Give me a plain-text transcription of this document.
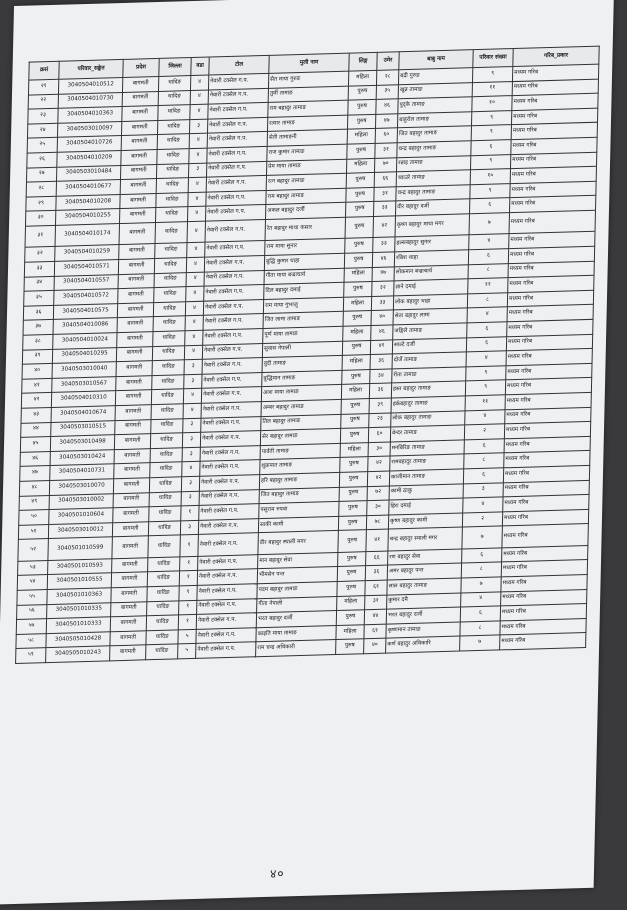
क्रसं	परिवार_सङ्केत	प्रदेश	जिल्ला	वडा	टोल	मुली नाम	लिङ्ग	उमेर	बाबु नाम	परिवार संख्या	गरिब_प्रकार
२१	3040504010512	बागमती	धादिङ	४	नेवारी टक्सेल ग.प.	सैत माया गुरुङ	महिला	२८	बद्री गुरुङ	९	मध्यम गरिब
२२	3040504010730	बागमती	धादिङ	४	नेवारी टक्सेल ग.प.	तुर्मी तामाङ	पुरुष	३५	खुन्न तामाङ	११	मध्यम गरिब
२३	3040504010363	बागमती	धादिङ	४	नेवारी टक्सेल ग.प.	राम बहादुर तामाङ	पुरुष	४६	पुद्के तामाङ	१०	मध्यम गरिब
२४	3040503010097	बागमती	धादिङ	३	नेवारी टक्सेल ग.प.	रत्मार तामाङ	पुरुष	४७	बाहुरोल तामाङ	९	मध्यम गरिब
२५	3040504010726	बागमती	धादिङ	४	नेवारी टक्सेल ग.प.	सेती तामाङनी	महिला	६०	जित बहादुर तामाङ	९	मध्यम गरिब
२६	3040504010209	बागमती	धादिङ	४	नेवारी टक्सेल ग.प.	राज कुमार तामाङ	पुरुष	३१	चन्द्र बहादुर तामाङ	६	मध्यम गरिब
२७	3040503010484	बागमती	धादिङ	३	नेवारी टक्सेल ग.प.	प्रेम माया तामाङ	महिला	७०	रन्नाइ तामाङ	९	मध्यम गरिब
२८	3040504010677	बागमती	धादिङ	४	नेवारी टक्सेल ग.प.	रत्न बहादुर तामाङ	पुरुष	६६	च्याउरे तामाङ	१०	मध्यम गरिब
२९	3040504010208	बागमती	धादिङ	४	नेवारी टक्सेल ग.प.	राम बहादुर तामाङ	पुरुष	३१	चन्द्र बहादुर तामाङ	९	मध्यम गरिब
३०	3040504010255	बागमती	धादिङ	४	नेवारी टक्सेल ग.प.	अकल बहादुर दर्जी	पुरुष	३३	वीर बहादुर दर्जी	६	मध्यम गरिब
३१	3040504010174	बागमती	धादिङ	४	नेवारी टक्सेल ग.प.	रेत बहादुर माथा कसार	पुरुष	४२	कृष्ण बहादुर माथा मगर	७	मध्यम गरिब
३२	3040504010259	बागमती	धादिङ	४	नेवारी टक्सेल ग.प.	राम माया सुनार	पुरुष	३३	हल्सबहादुर सुनार	४	मध्यम गरिब
३३	3040504010571	बागमती	धादिङ	४	नेवारी टक्सेल ग.प.	बुद्धि कुमार थाहा	पुरुष	४६	रबिश थाहा	६	मध्यम गरिब
३४	3040504010557	बागमती	धादिङ	४	नेवारी टक्सेल ग.प.	गीता माया बज्राचार्य	महिला	४७	लोकमान बज्राचार्य	८	मध्यम गरिब
३५	3040504010572	बागमती	धादिङ	४	नेवारी टक्सेल ग.प.	दिल बहादुर दमाई	पुरुष	३२	ज्ञाने दमाई	११	मध्यम गरिब
३६	3040504010575	बागमती	धादिङ	४	नेवारी टक्सेल ग.प.	राम माया गुभाजु	महिला	३३	लोक बहादुर थाहा	८	मध्यम गरिब
३७	3040504010086	बागमती	धादिङ	४	नेवारी टक्सेल ग.प.	जित लामा तामाङ	पुरुष	४०	सेता बहादुर लामा	४	मध्यम गरिब
३८	3040504010024	बागमती	धादिङ	४	नेवारी टक्सेल ग.प.	पूर्ण माया तामाङ	महिला	४६	जङ्गिले तामाङ	६	मध्यम गरिब
३९	3040504010295	बागमती	धादिङ	४	नेवारी टक्सेल ग.प.	सुवास नेपाली	पुरुष	४१	साल्टे दर्जी	६	मध्यम गरिब
४०	3040503010040	बागमती	धादिङ	३	नेवारी टक्सेल ग.प.	वुदी तामाङ	महिला	३६	दोर्जे तामाङ	४	मध्यम गरिब
४१	3040503010567	बागमती	धादिङ	३	नेवारी टक्सेल ग.प.	बुद्धिमान तामाङ	पुरुष	३४	रीता तामाङ	९	मध्यम गरिब
४२	3040504010310	बागमती	धादिङ	४	नेवारी टक्सेल ग.प.	आश माया तामाङ	महिला	३६	हस्त बहादुर तामाङ	९	मध्यम गरिब
४३	3040504010674	बागमती	धादिङ	४	नेवारी टक्सेल ग.प.	अम्बर बहादुर तामाङ	पुरुष	३९	हर्कबहादुर तामाङ	११	मध्यम गरिब
४४	3040503010515	बागमती	धादिङ	३	नेवारी टक्सेल ग.प.	तिल बहादुर तामाङ	पुरुष	२३	लोक बहादुर तामाङ	४	मध्यम गरिब
४५	3040503010498	बागमती	धादिङ	३	नेवारी टक्सेल ग.प.	सेर बहादुर तामाङ	पुरुष	६०	वेन्दर तामाङ	२	मध्यम गरिब
४६	3040503010424	बागमती	धादिङ	३	नेवारी टक्सेल ग.प.	पार्वती तामाङ	महिला	३०	मनबिरिङ तामाङ	६	मध्यम गरिब
४७	3040504010731	बागमती	धादिङ	४	नेवारी टक्सेल ग.प.	शुक्रपात तामाङ	पुरुष	४२	रामबहादुर तामाङ	८	मध्यम गरिब
४८	3040503010070	बागमती	धादिङ	३	नेवारी टक्सेल ग.प.	हरि बहादुर तामाङ	पुरुष	४२	काजीमान तामाङ	६	मध्यम गरिब
४९	3040503010002	बागमती	धादिङ	३	नेवारी टक्सेल ग.प.	जित बहादुर तामाङ	पुरुष	७२	कामी ठाकु	३	मध्यम गरिब
५०	3040501010604	बागमती	धादिङ	१	नेवारी टक्सेल ग.प.	पसुराम रुपवा	पुरुष	३०	हिरा दमाई	४	मध्यम गरिब
५१	3040503010012	बागमती	धादिङ	३	नेवारी टक्सेल ग.प.	साकी कामी	पुरुष	७८	कृष्ण बहादुर कामी	२	मध्यम गरिब
५२	3040501010599	बागमती	धादिङ	१	नेवारी टक्सेल ग.प.	वीर बहादुर स्थाली मगर	पुरुष	४१	चन्द्र बहादुर स्थाली मगर	७	मध्यम गरिब
५३	3040501010593	बागमती	धादिङ	१	नेवारी टक्सेल ग.प.	मान बहादुर सेवा	पुरुष	६६	रण बहादुर सेवा	६	मध्यम गरिब
५४	3040501010555	बागमती	धादिङ	१	नेवारी टक्सेल ग.प.	भीमसेन पन्त	पुरुष	३६	अमर बहादुर पन्त	८	मध्यम गरिब
५५	3040501010363	बागमती	धादिङ	१	नेवारी टक्सेल ग.प.	पदम बहादुर तामाङ	पुरुष	६१	लाल बहादुर तामाङ	७	मध्यम गरिब
५६	3040501010335	बागमती	धादिङ	१	नेवारी टक्सेल ग.प.	गीता नेपाली	महिला	३१	कुमार दमै	४	मध्यम गरिब
५७	3040501010333	बागमती	धादिङ	१	नेवारी टक्सेल ग.प.	भरत बहादुर दर्जी	पुरुष	४४	भरत बहादुर दर्जी	६	मध्यम गरिब
५८	3040505010428	बागमती	धादिङ	५	नेवारी टक्सेल ग.प.	काइति माया तामाङ	महिला	६१	कृष्णमान तामाङ	८	मध्यम गरिब
५९	3040505010243	बागमती	धादिङ	५	नेवारी टक्सेल ग.प.	राम चन्द्र अधिकारी	पुरुष	४०	कर्ण बहादुर अधिकारि	७	मध्यम गरिब
४०
